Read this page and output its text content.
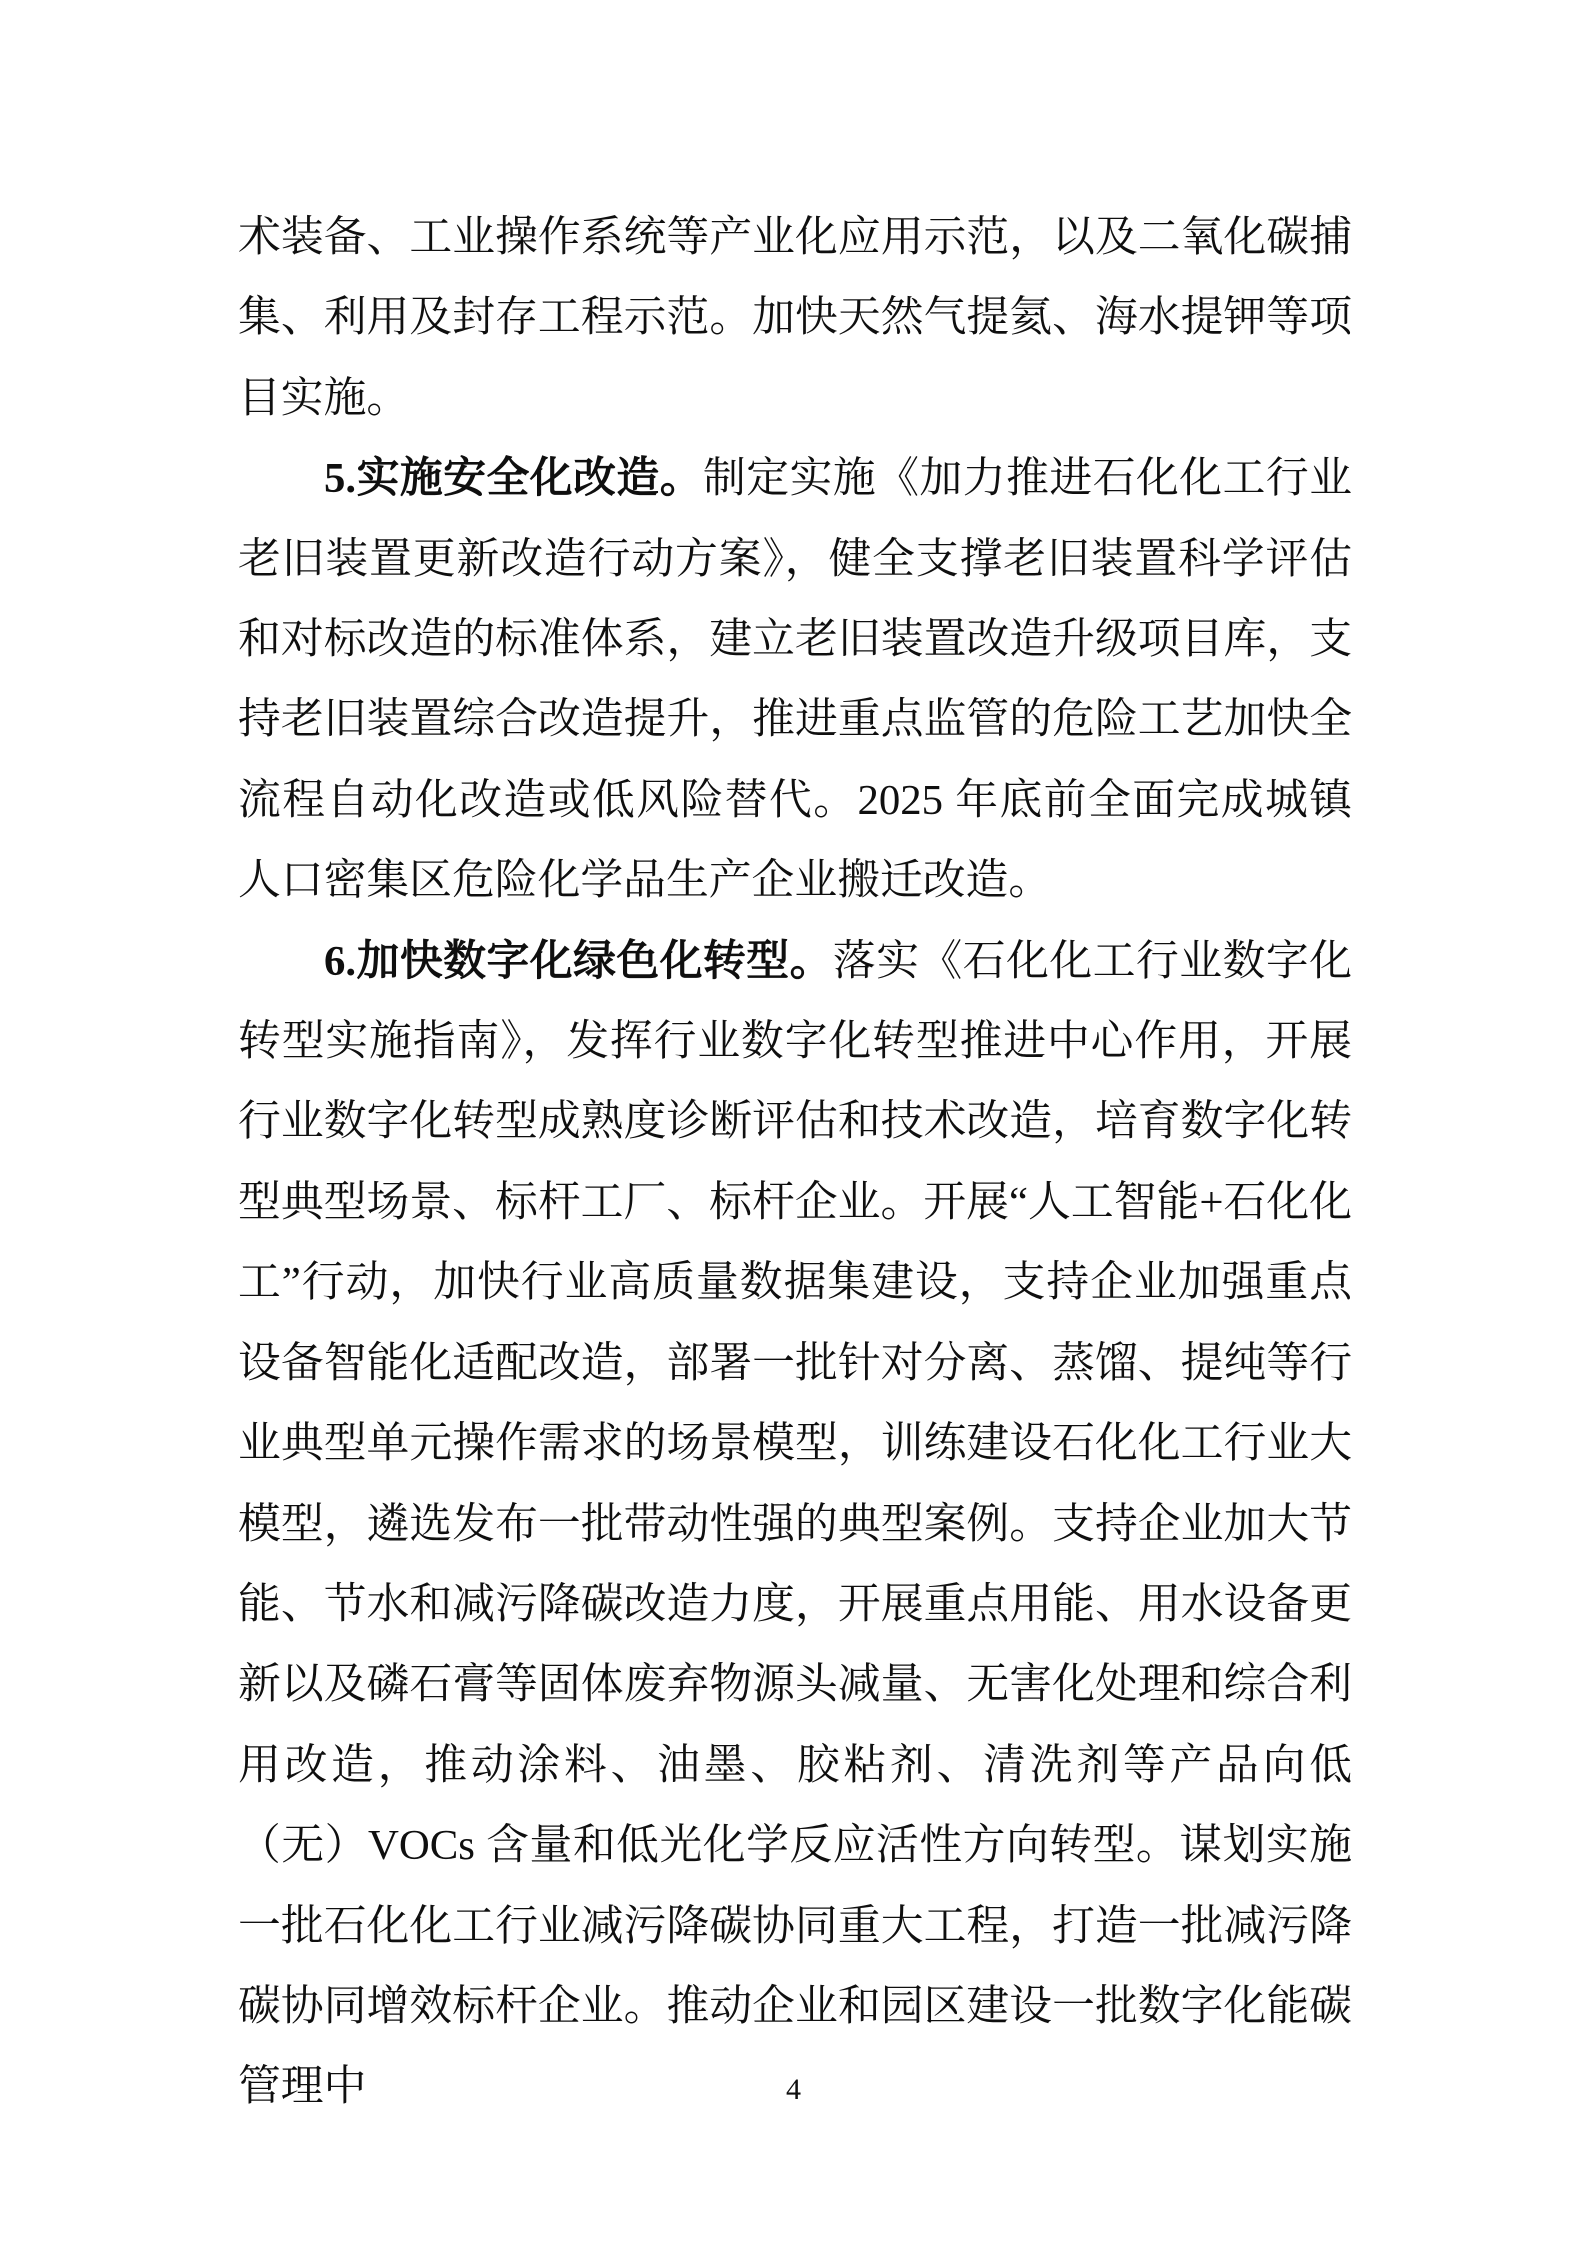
术装备、工业操作系统等产业化应用示范，以及二氧化碳捕集、利用及封存工程示范。加快天然气提氦、海水提钾等项目实施。

5.实施安全化改造。制定实施《加力推进石化化工行业老旧装置更新改造行动方案》，健全支撑老旧装置科学评估和对标改造的标准体系，建立老旧装置改造升级项目库，支持老旧装置综合改造提升，推进重点监管的危险工艺加快全流程自动化改造或低风险替代。2025 年底前全面完成城镇人口密集区危险化学品生产企业搬迁改造。

6.加快数字化绿色化转型。落实《石化化工行业数字化转型实施指南》，发挥行业数字化转型推进中心作用，开展行业数字化转型成熟度诊断评估和技术改造，培育数字化转型典型场景、标杆工厂、标杆企业。开展“人工智能+石化化工”行动，加快行业高质量数据集建设，支持企业加强重点设备智能化适配改造，部署一批针对分离、蒸馏、提纯等行业典型单元操作需求的场景模型，训练建设石化化工行业大模型，遴选发布一批带动性强的典型案例。支持企业加大节能、节水和减污降碳改造力度，开展重点用能、用水设备更新以及磷石膏等固体废弃物源头减量、无害化处理和综合利用改造，推动涂料、油墨、胶粘剂、清洗剂等产品向低（无）VOCs 含量和低光化学反应活性方向转型。谋划实施一批石化化工行业减污降碳协同重大工程，打造一批减污降碳协同增效标杆企业。推动企业和园区建设一批数字化能碳管理中	4
